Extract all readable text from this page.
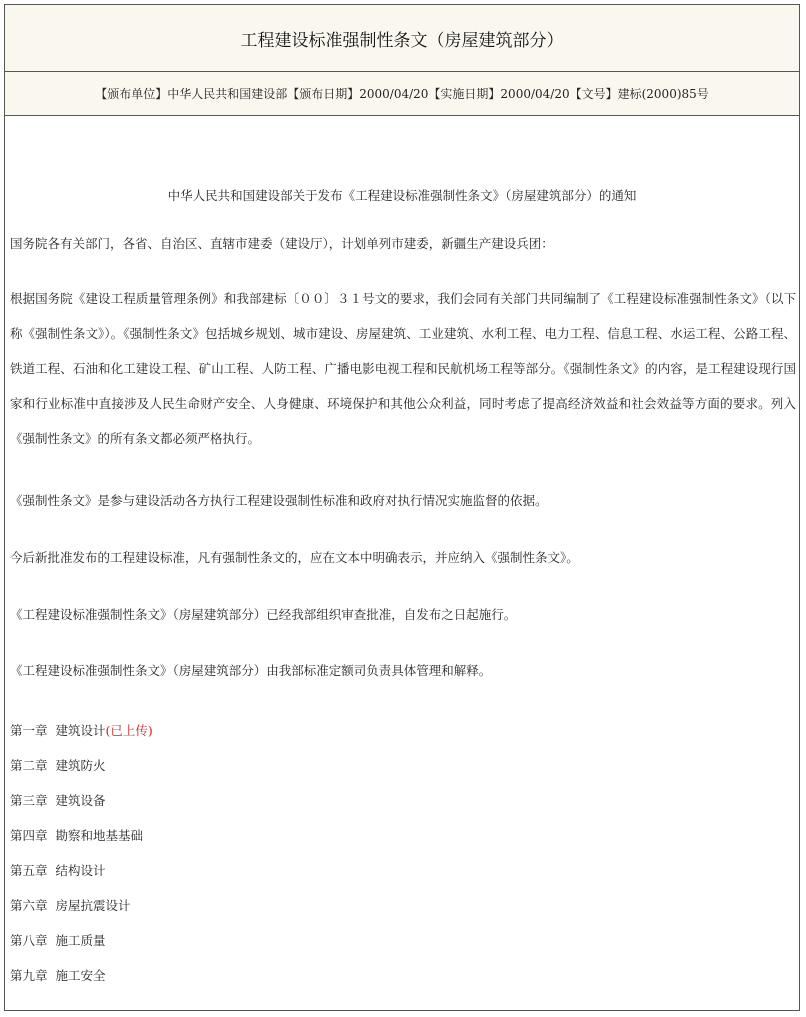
工程建设标准强制性条文（房屋建筑部分）
【颁布单位】 中华人民共和国建设部 【颁布日期】 2000/04/20 【实施日期】 2000/04/20 【文号】 建标(2000)85号
中华人民共和国建设部关于发布《工程建设标准强制性条文》（房屋建筑部分）的通知
国务院各有关部门，各省、自治区、直辖市建委（建设厅），计划单列市建委，新疆生产建设兵团：
根据国务院《建设工程质量管理条例》和我部建标〔００〕３１号文的要求，我们会同有关部门共同编制了《工程建设标准强制性条文》（以下称《强制性条文》）。《强制性条文》包括城乡规划、城市建设、房屋建筑、工业建筑、水利工程、电力工程、信息工程、水运工程、公路工程、铁道工程、石油和化工建设工程、矿山工程、人防工程、广播电影电视工程和民航机场工程等部分。《强制性条文》的内容，是工程建设现行国家和行业标准中直接涉及人民生命财产安全、人身健康、环境保护和其他公众利益，同时考虑了提高经济效益和社会效益等方面的要求。列入《强制性条文》的所有条文都必须严格执行。
《强制性条文》是参与建设活动各方执行工程建设强制性标准和政府对执行情况实施监督的依据。
今后新批准发布的工程建设标准，凡有强制性条文的，应在文本中明确表示，并应纳入《强制性条文》。
《工程建设标准强制性条文》（房屋建筑部分）已经我部组织审查批准，自发布之日起施行。
《工程建设标准强制性条文》（房屋建筑部分）由我部标准定额司负责具体管理和解释。
第一章 建筑设计(已上传)
第二章 建筑防火
第三章 建筑设备
第四章 勘察和地基基础
第五章 结构设计
第六章 房屋抗震设计
第八章 施工质量
第九章 施工安全
